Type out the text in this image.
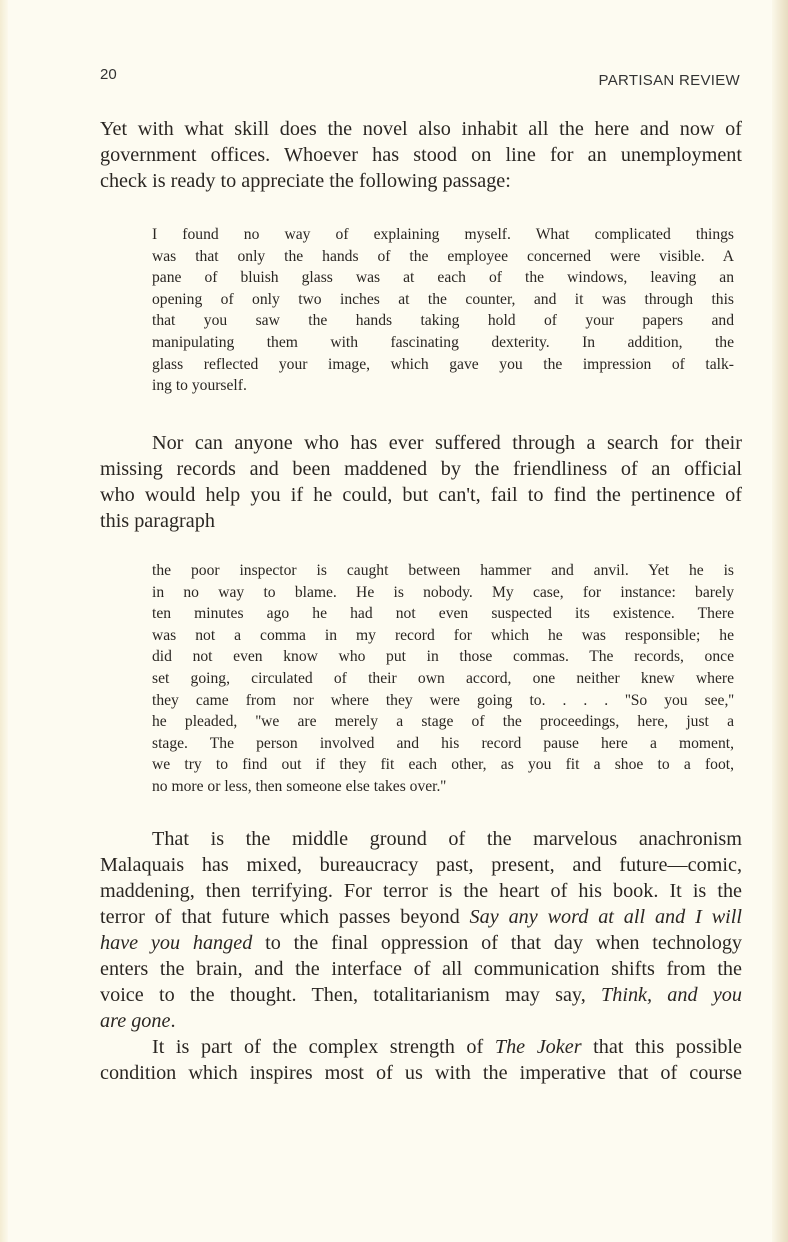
20	PARTISAN REVIEW
Yet with what skill does the novel also inhabit all the here and now of
government offices. Whoever has stood on line for an unemployment
check is ready to appreciate the following passage:
I found no way of explaining myself. What complicated things
was that only the hands of the employee concerned were visible. A
pane of bluish glass was at each of the windows, leaving an
opening of only two inches at the counter, and it was through this
that you saw the hands taking hold of your papers and
manipulating them with fascinating dexterity. In addition, the
glass reflected your image, which gave you the impression of talk-
ing to yourself.
Nor can anyone who has ever suffered through a search for their
missing records and been maddened by the friendliness of an official
who would help you if he could, but can't, fail to find the pertinence of
this paragraph
the poor inspector is caught between hammer and anvil. Yet he is
in no way to blame. He is nobody. My case, for instance: barely
ten minutes ago he had not even suspected its existence. There
was not a comma in my record for which he was responsible; he
did not even know who put in those commas. The records, once
set going, circulated of their own accord, one neither knew where
they came from nor where they were going to. . . . ''So you see,''
he pleaded, ''we are merely a stage of the proceedings, here, just a
stage. The person involved and his record pause here a moment,
we try to find out if they fit each other, as you fit a shoe to a foot,
no more or less, then someone else takes over.''
That is the middle ground of the marvelous anachronism
Malaquais has mixed, bureaucracy past, present, and future—comic,
maddening, then terrifying. For terror is the heart of his book. It is the
terror of that future which passes beyond Say any word at all and I will
have you hanged to the final oppression of that day when technology
enters the brain, and the interface of all communication shifts from the
voice to the thought. Then, totalitarianism may say, Think, and you
are gone.
It is part of the complex strength of The Joker that this possible
condition which inspires most of us with the imperative that of course
